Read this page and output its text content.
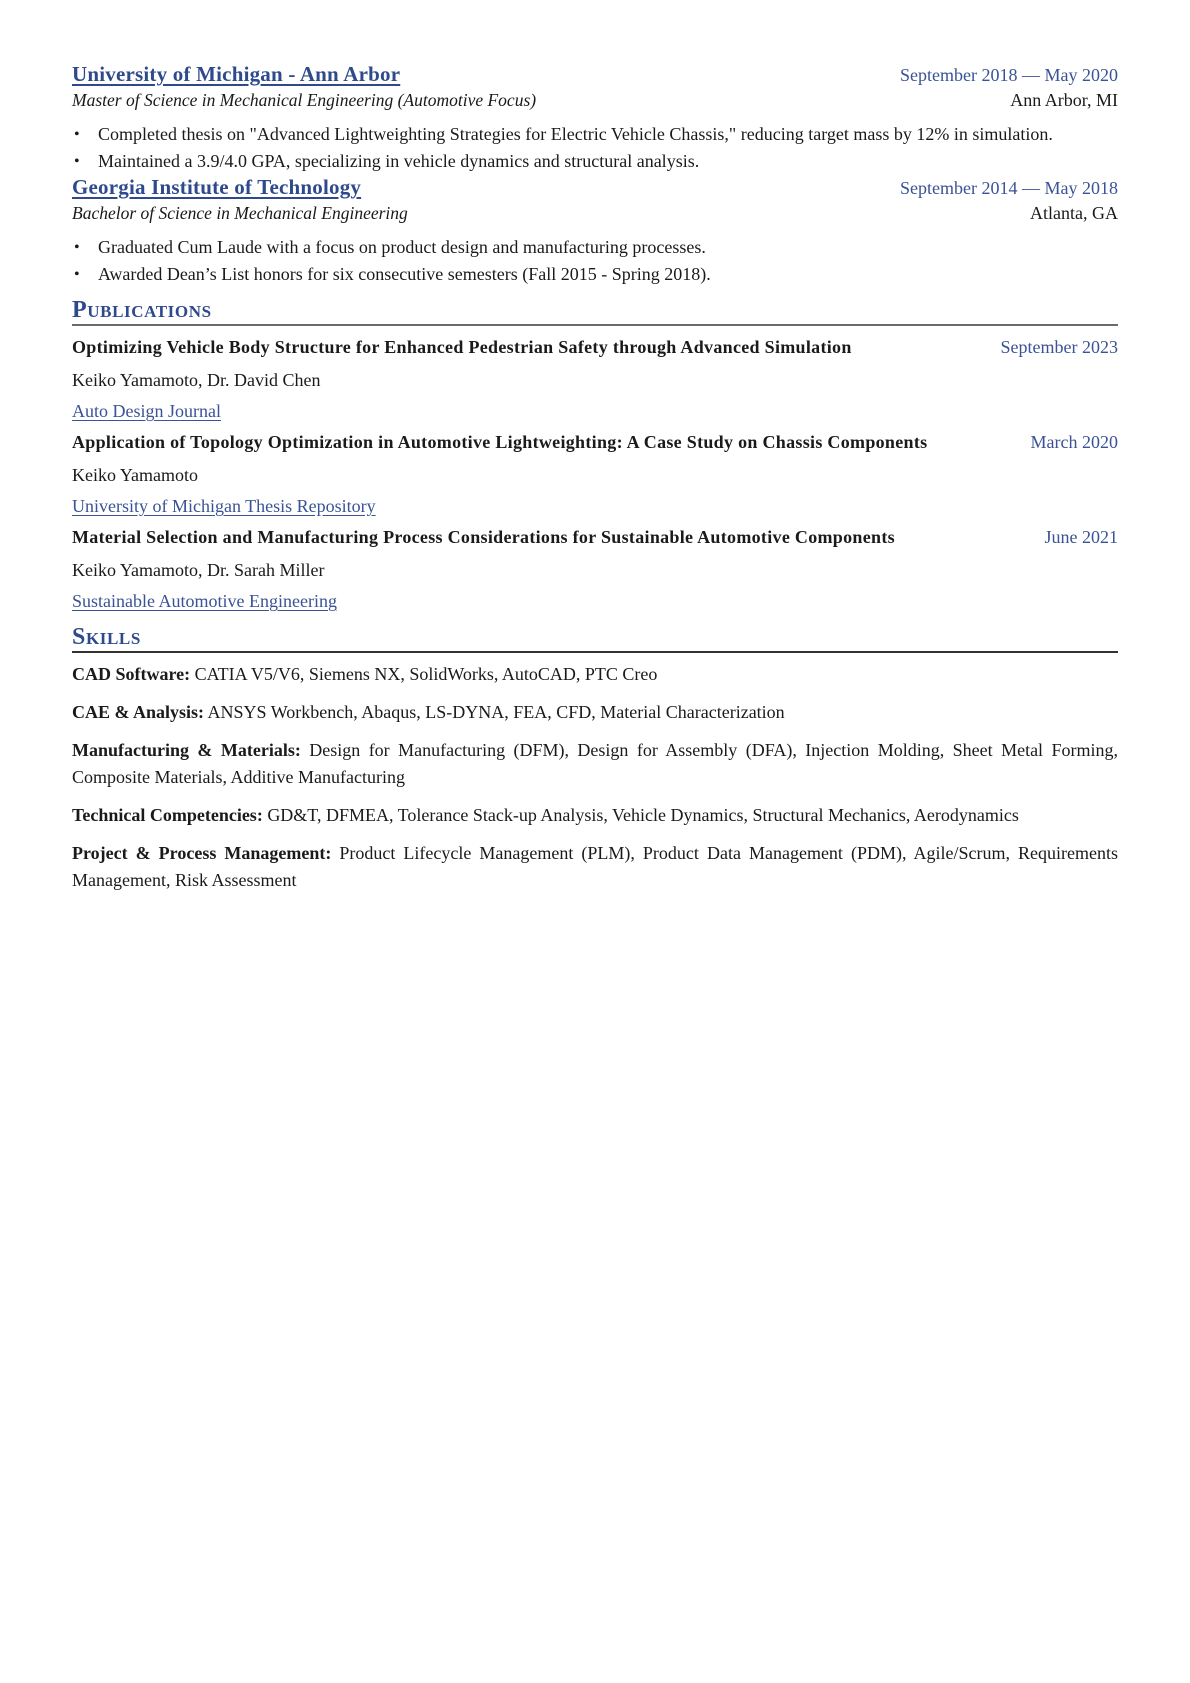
University of Michigan - Ann Arbor	September 2018 — May 2020
Master of Science in Mechanical Engineering (Automotive Focus)	Ann Arbor, MI
• Completed thesis on "Advanced Lightweighting Strategies for Electric Vehicle Chassis," reducing target mass by 12% in simulation.
• Maintained a 3.9/4.0 GPA, specializing in vehicle dynamics and structural analysis.
Georgia Institute of Technology	September 2014 — May 2018
Bachelor of Science in Mechanical Engineering	Atlanta, GA
• Graduated Cum Laude with a focus on product design and manufacturing processes.
• Awarded Dean’s List honors for six consecutive semesters (Fall 2015 - Spring 2018).
Publications
Optimizing Vehicle Body Structure for Enhanced Pedestrian Safety through Advanced Simulation	September 2023
Keiko Yamamoto, Dr. David Chen
Auto Design Journal
Application of Topology Optimization in Automotive Lightweighting: A Case Study on Chassis Components	March 2020
Keiko Yamamoto
University of Michigan Thesis Repository
Material Selection and Manufacturing Process Considerations for Sustainable Automotive Components	June 2021
Keiko Yamamoto, Dr. Sarah Miller
Sustainable Automotive Engineering
Skills
CAD Software: CATIA V5/V6, Siemens NX, SolidWorks, AutoCAD, PTC Creo
CAE & Analysis: ANSYS Workbench, Abaqus, LS-DYNA, FEA, CFD, Material Characterization
Manufacturing & Materials: Design for Manufacturing (DFM), Design for Assembly (DFA), Injection Molding, Sheet Metal Forming, Composite Materials, Additive Manufacturing
Technical Competencies: GD&T, DFMEA, Tolerance Stack-up Analysis, Vehicle Dynamics, Structural Mechanics, Aerodynamics
Project & Process Management: Product Lifecycle Management (PLM), Product Data Management (PDM), Agile/Scrum, Requirements Management, Risk Assessment
